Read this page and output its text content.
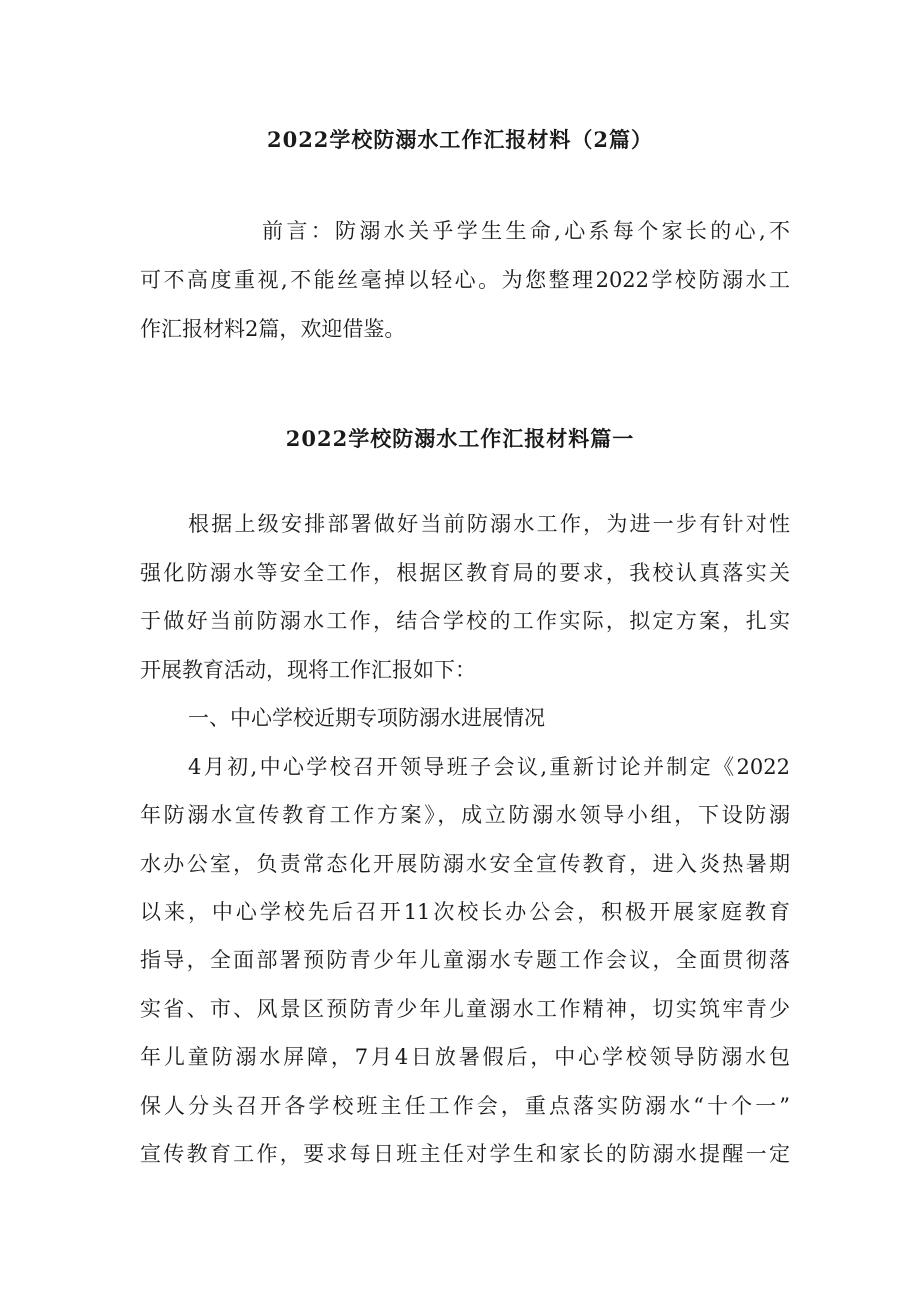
2022学校防溺水工作汇报材料（2篇）
前言：防溺水关乎学生生命,心系每个家长的心,不
可不高度重视,不能丝毫掉以轻心。为您整理2022学校防溺水工
作汇报材料2篇，欢迎借鉴。
2022学校防溺水工作汇报材料篇一
根据上级安排部署做好当前防溺水工作，为进一步有针对性
强化防溺水等安全工作，根据区教育局的要求，我校认真落实关
于做好当前防溺水工作，结合学校的工作实际，拟定方案，扎实
开展教育活动，现将工作汇报如下：
一、中心学校近期专项防溺水进展情况
4月初,中心学校召开领导班子会议,重新讨论并制定《2022
年防溺水宣传教育工作方案》，成立防溺水领导小组，下设防溺
水办公室，负责常态化开展防溺水安全宣传教育，进入炎热暑期
以来，中心学校先后召开11次校长办公会，积极开展家庭教育
指导，全面部署预防青少年儿童溺水专题工作会议，全面贯彻落
实省、市、风景区预防青少年儿童溺水工作精神，切实筑牢青少
年儿童防溺水屏障，7月4日放暑假后，中心学校领导防溺水包
保人分头召开各学校班主任工作会，重点落实防溺水“十个一”
宣传教育工作，要求每日班主任对学生和家长的防溺水提醒一定
